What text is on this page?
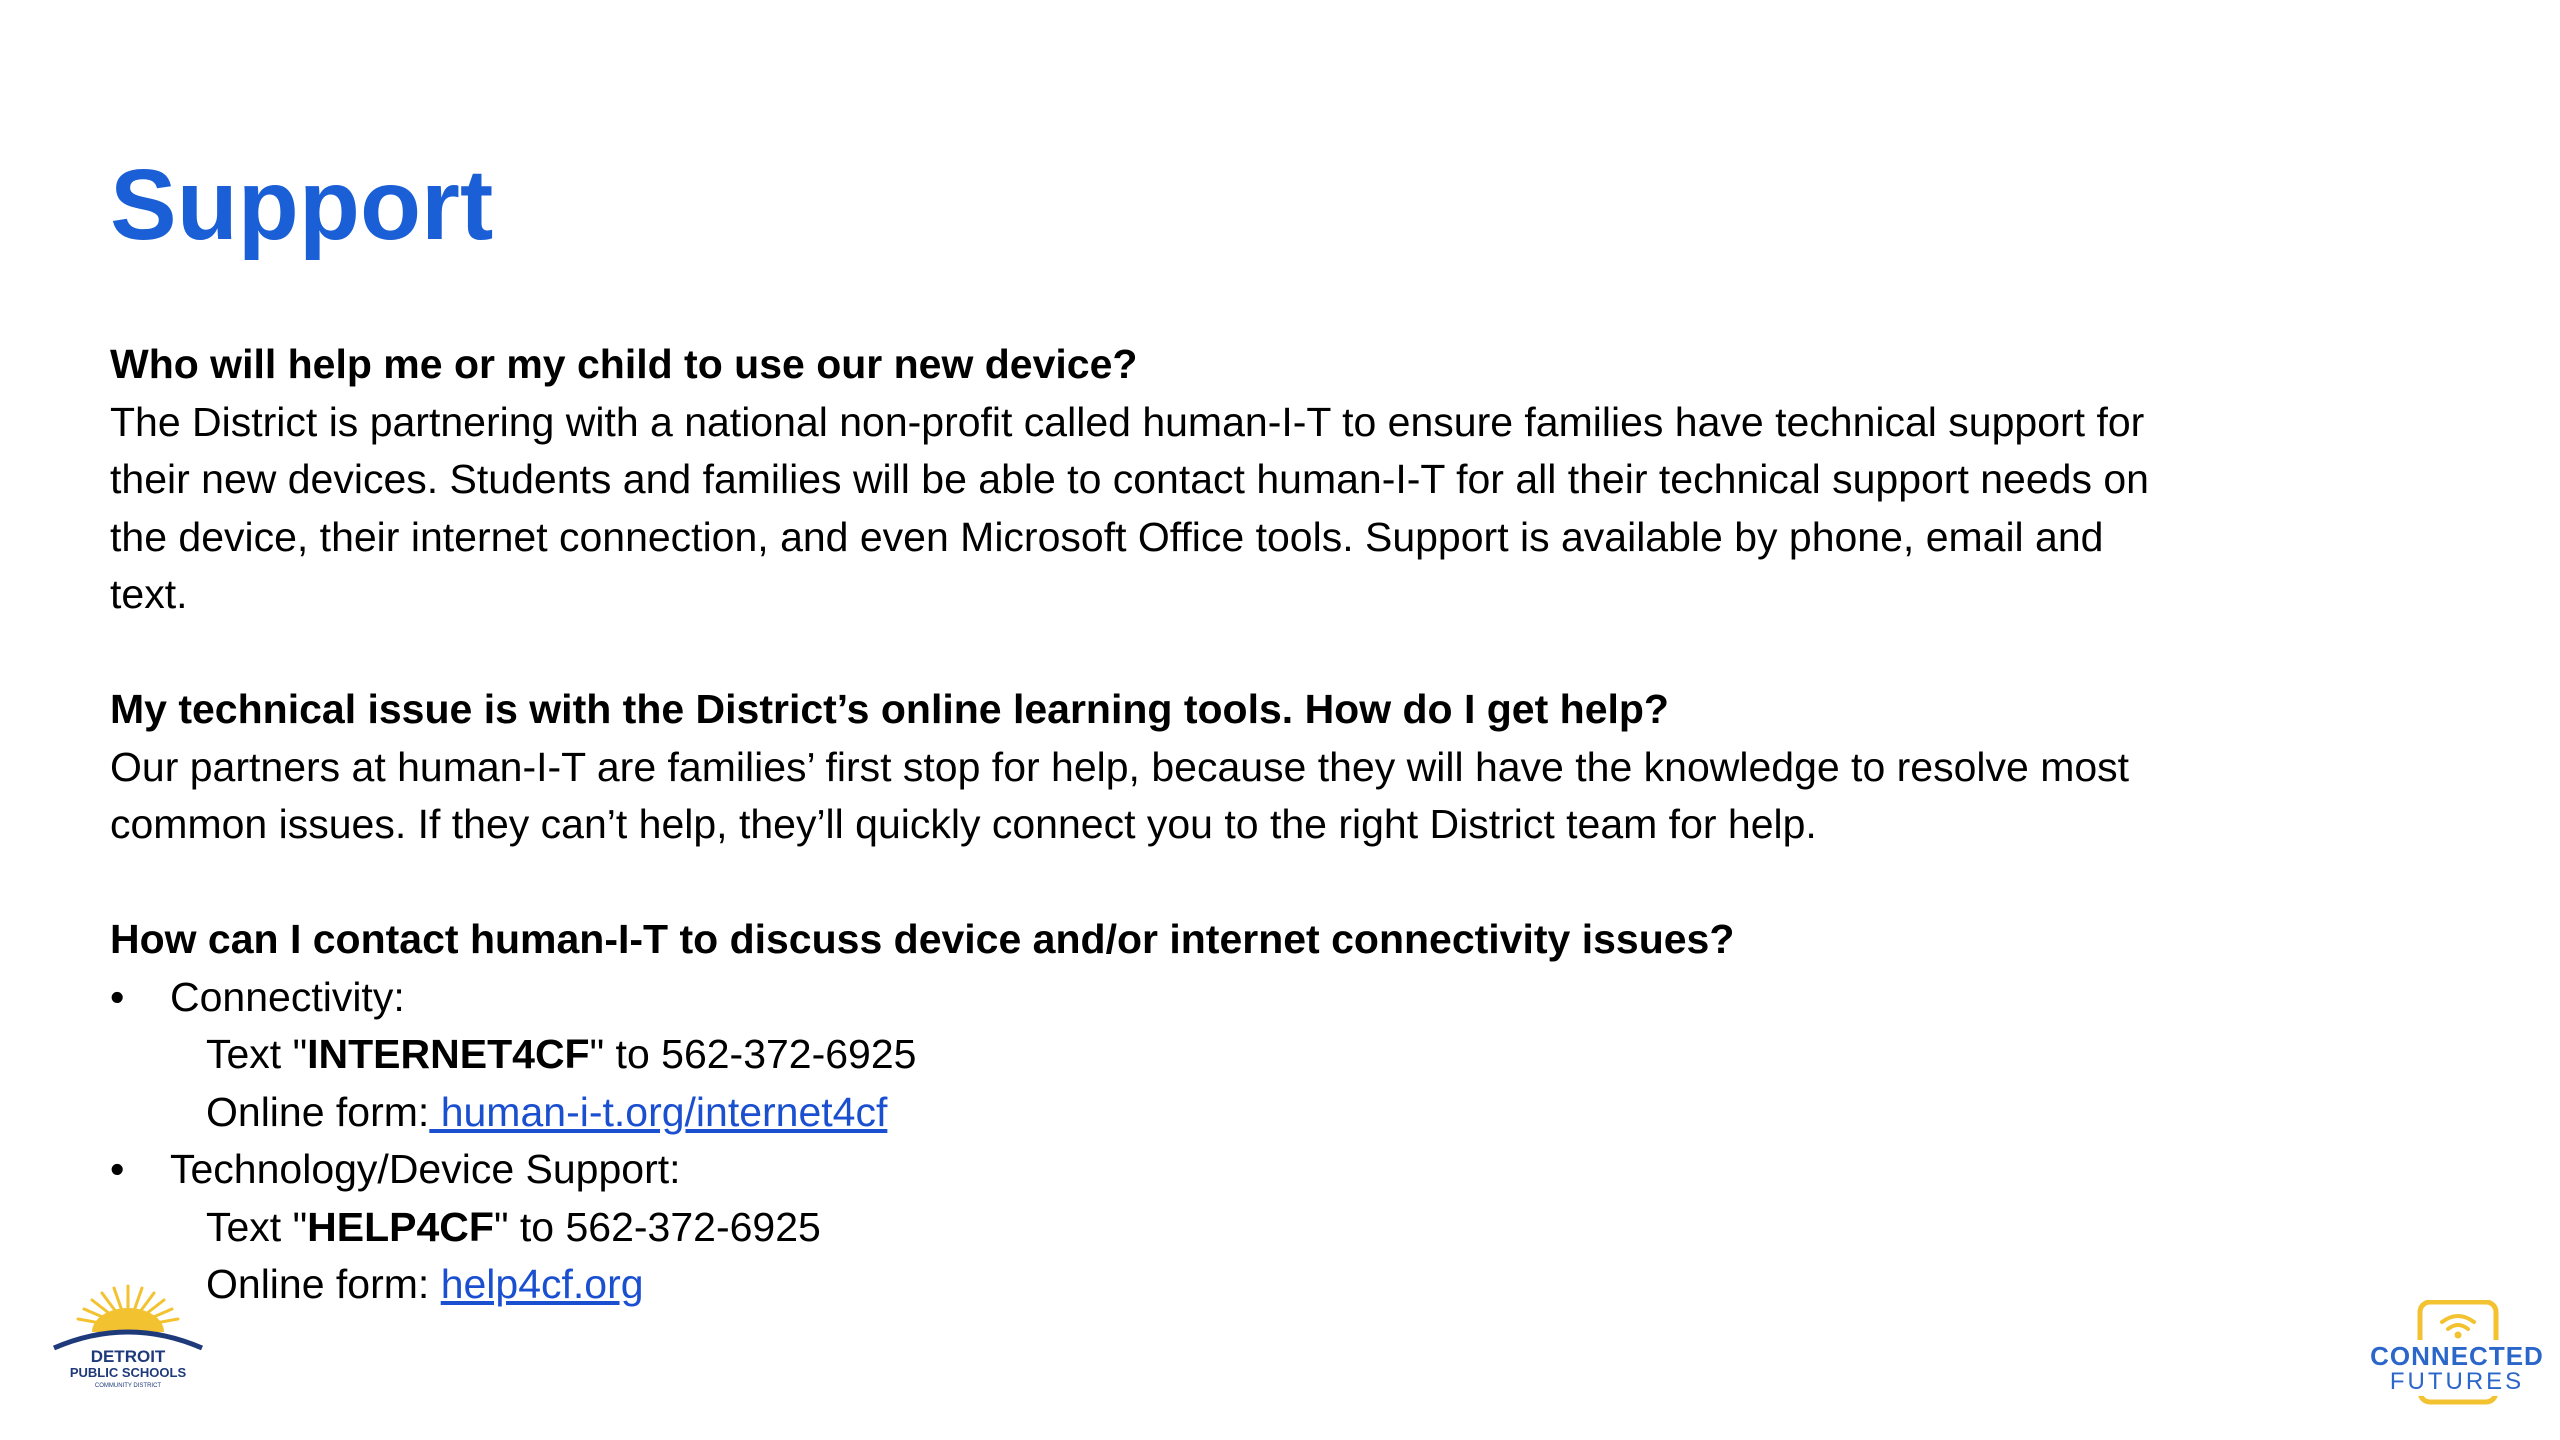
Support

Who will help me or my child to use our new device?

The District is partnering with a national non-profit called human-I-T to ensure families have technical support for

their new devices. Students and families will be able to contact human-I-T for all their technical support needs on

the device, their internet connection, and even Microsoft Office tools. Support is available by phone, email and

text.

My technical issue is with the District’s online learning tools. How do I get help?

Our partners at human-I-T are families’ first stop for help, because they will have the knowledge to resolve most

common issues. If they can’t help, they’ll quickly connect you to the right District team for help.

How can I contact human-I-T to discuss device and/or internet connectivity issues?

•	Connectivity:
Text "INTERNET4CF" to 562-372-6925
Online form: human-i-t.org/internet4cf
•	Technology/Device Support:
Text "HELP4CF" to 562-372-6925
Online form: help4cf.org
DETROIT
PUBLIC SCHOOLS
COMMUNITY DISTRICT
CONNECTED
FUTURES
